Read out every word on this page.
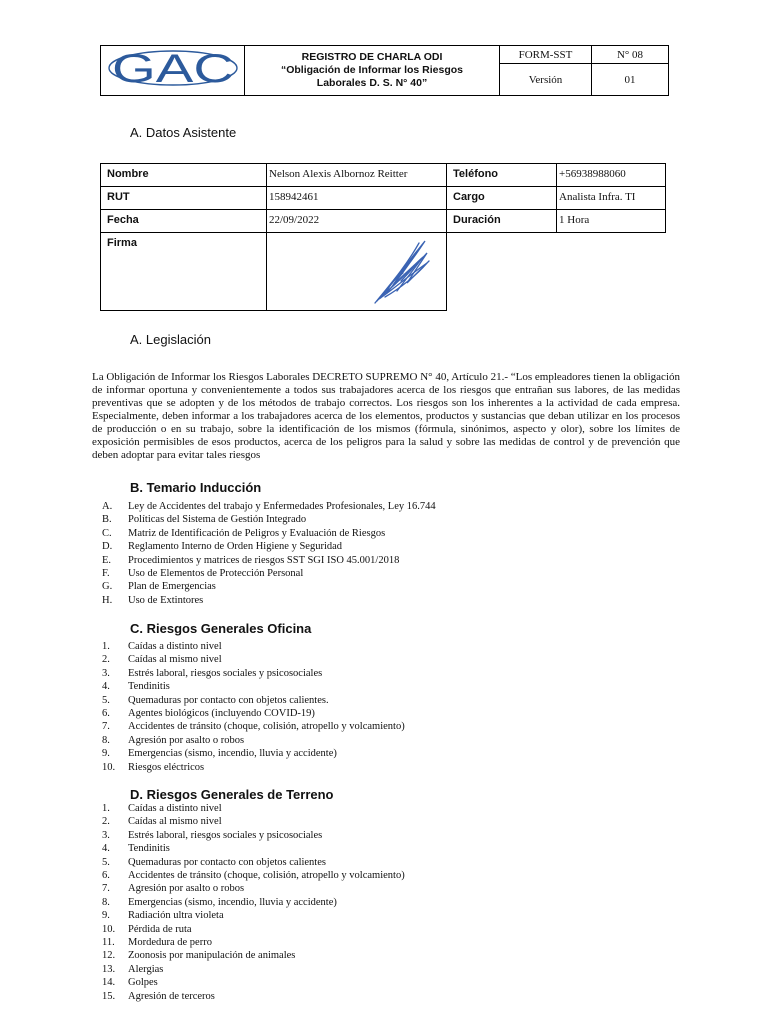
GAC	REGISTRO DE CHARLA ODI
“Obligación de Informar los Riesgos
Laborales D. S. N° 40”	FORM-SST	N° 08
		Versión	01
A. Datos Asistente
Nombre	Nelson Alexis Albornoz Reitter	Teléfono	+56938988060
RUT	158942461	Cargo	Analista Infra. TI
Fecha	22/09/2022	Duración	1 Hora
Firma	

A. Legislación
La Obligación de Informar los Riesgos Laborales DECRETO SUPREMO N° 40, Artículo 21.- “Los empleadores tienen la obligación de informar oportuna y convenientemente a todos sus trabajadores acerca de los riesgos que entrañan sus labores, de las medidas preventivas que se adopten y de los métodos de trabajo correctos. Los riesgos son los inherentes a la actividad de cada empresa. Especialmente, deben informar a los trabajadores acerca de los elementos, productos y sustancias que deban utilizar en los procesos de producción o en su trabajo, sobre la identificación de los mismos (fórmula, sinónimos, aspecto y olor), sobre los límites de exposición permisibles de esos productos, acerca de los peligros para la salud y sobre las medidas de control y de prevención que deben adoptar para evitar tales riesgos
B. Temario Inducción
A.	Ley de Accidentes del trabajo y Enfermedades Profesionales, Ley 16.744
B.	Políticas del Sistema de Gestión Integrado
C.	Matriz de Identificación de Peligros y Evaluación de Riesgos
D.	Reglamento Interno de Orden Higiene y Seguridad
E.	Procedimientos y matrices de riesgos SST SGI ISO 45.001/2018
F.	Uso de Elementos de Protección Personal
G.	Plan de Emergencias
H.	Uso de Extintores
C. Riesgos Generales Oficina
1.	Caídas a distinto nivel
2.	Caídas al mismo nivel
3.	Estrés laboral, riesgos sociales y psicosociales
4.	Tendinitis
5.	Quemaduras por contacto con objetos calientes.
6.	Agentes biológicos (incluyendo COVID-19)
7.	Accidentes de tránsito (choque, colisión, atropello y volcamiento)
8.	Agresión por asalto o robos
9.	Emergencias (sismo, incendio, lluvia y accidente)
10.	Riesgos eléctricos
D. Riesgos Generales de Terreno
1.	Caídas a distinto nivel
2.	Caídas al mismo nivel
3.	Estrés laboral, riesgos sociales y psicosociales
4.	Tendinitis
5.	Quemaduras por contacto con objetos calientes
6.	Accidentes de tránsito (choque, colisión, atropello y volcamiento)
7.	Agresión por asalto o robos
8.	Emergencias (sismo, incendio, lluvia y accidente)
9.	Radiación ultra violeta
10.	Pérdida de ruta
11.	Mordedura de perro
12.	Zoonosis por manipulación de animales
13.	Alergias
14.	Golpes
15.	Agresión de terceros
